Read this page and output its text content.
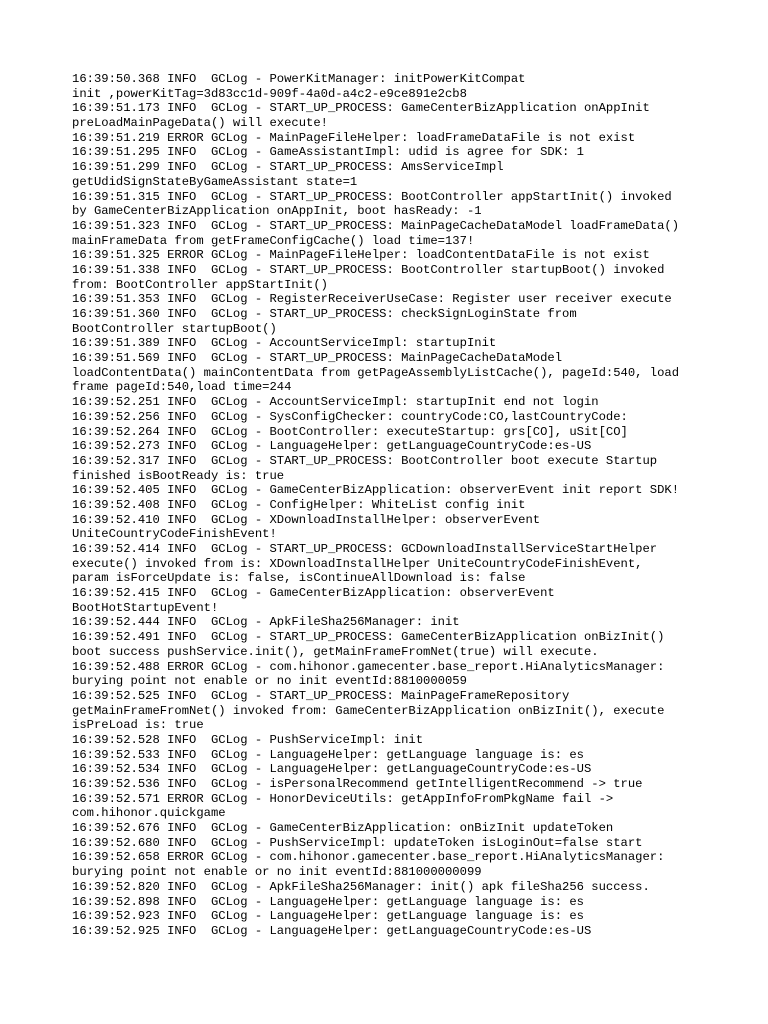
16:39:50.368 INFO  GCLog - PowerKitManager: initPowerKitCompat
init ,powerKitTag=3d83cc1d-909f-4a0d-a4c2-e9ce891e2cb8
16:39:51.173 INFO  GCLog - START_UP_PROCESS: GameCenterBizApplication onAppInit
preLoadMainPageData() will execute!
16:39:51.219 ERROR GCLog - MainPageFileHelper: loadFrameDataFile is not exist
16:39:51.295 INFO  GCLog - GameAssistantImpl: udid is agree for SDK: 1
16:39:51.299 INFO  GCLog - START_UP_PROCESS: AmsServiceImpl
getUdidSignStateByGameAssistant state=1
16:39:51.315 INFO  GCLog - START_UP_PROCESS: BootController appStartInit() invoked
by GameCenterBizApplication onAppInit, boot hasReady: -1
16:39:51.323 INFO  GCLog - START_UP_PROCESS: MainPageCacheDataModel loadFrameData()
mainFrameData from getFrameConfigCache() load time=137!
16:39:51.325 ERROR GCLog - MainPageFileHelper: loadContentDataFile is not exist
16:39:51.338 INFO  GCLog - START_UP_PROCESS: BootController startupBoot() invoked
from: BootController appStartInit()
16:39:51.353 INFO  GCLog - RegisterReceiverUseCase: Register user receiver execute
16:39:51.360 INFO  GCLog - START_UP_PROCESS: checkSignLoginState from
BootController startupBoot()
16:39:51.389 INFO  GCLog - AccountServiceImpl: startupInit
16:39:51.569 INFO  GCLog - START_UP_PROCESS: MainPageCacheDataModel
loadContentData() mainContentData from getPageAssemblyListCache(), pageId:540, load
frame pageId:540,load time=244
16:39:52.251 INFO  GCLog - AccountServiceImpl: startupInit end not login
16:39:52.256 INFO  GCLog - SysConfigChecker: countryCode:CO,lastCountryCode:
16:39:52.264 INFO  GCLog - BootController: executeStartup: grs[CO], uSit[CO]
16:39:52.273 INFO  GCLog - LanguageHelper: getLanguageCountryCode:es-US
16:39:52.317 INFO  GCLog - START_UP_PROCESS: BootController boot execute Startup
finished isBootReady is: true
16:39:52.405 INFO  GCLog - GameCenterBizApplication: observerEvent init report SDK!
16:39:52.408 INFO  GCLog - ConfigHelper: WhiteList config init
16:39:52.410 INFO  GCLog - XDownloadInstallHelper: observerEvent
UniteCountryCodeFinishEvent!
16:39:52.414 INFO  GCLog - START_UP_PROCESS: GCDownloadInstallServiceStartHelper
execute() invoked from is: XDownloadInstallHelper UniteCountryCodeFinishEvent,
param isForceUpdate is: false, isContinueAllDownload is: false
16:39:52.415 INFO  GCLog - GameCenterBizApplication: observerEvent
BootHotStartupEvent!
16:39:52.444 INFO  GCLog - ApkFileSha256Manager: init
16:39:52.491 INFO  GCLog - START_UP_PROCESS: GameCenterBizApplication onBizInit()
boot success pushService.init(), getMainFrameFromNet(true) will execute.
16:39:52.488 ERROR GCLog - com.hihonor.gamecenter.base_report.HiAnalyticsManager:
burying point not enable or no init eventId:8810000059
16:39:52.525 INFO  GCLog - START_UP_PROCESS: MainPageFrameRepository
getMainFrameFromNet() invoked from: GameCenterBizApplication onBizInit(), execute
isPreLoad is: true
16:39:52.528 INFO  GCLog - PushServiceImpl: init
16:39:52.533 INFO  GCLog - LanguageHelper: getLanguage language is: es
16:39:52.534 INFO  GCLog - LanguageHelper: getLanguageCountryCode:es-US
16:39:52.536 INFO  GCLog - isPersonalRecommend getIntelligentRecommend -> true
16:39:52.571 ERROR GCLog - HonorDeviceUtils: getAppInfoFromPkgName fail ->
com.hihonor.quickgame
16:39:52.676 INFO  GCLog - GameCenterBizApplication: onBizInit updateToken
16:39:52.680 INFO  GCLog - PushServiceImpl: updateToken isLoginOut=false start
16:39:52.658 ERROR GCLog - com.hihonor.gamecenter.base_report.HiAnalyticsManager:
burying point not enable or no init eventId:881000000099
16:39:52.820 INFO  GCLog - ApkFileSha256Manager: init() apk fileSha256 success.
16:39:52.898 INFO  GCLog - LanguageHelper: getLanguage language is: es
16:39:52.923 INFO  GCLog - LanguageHelper: getLanguage language is: es
16:39:52.925 INFO  GCLog - LanguageHelper: getLanguageCountryCode:es-US
